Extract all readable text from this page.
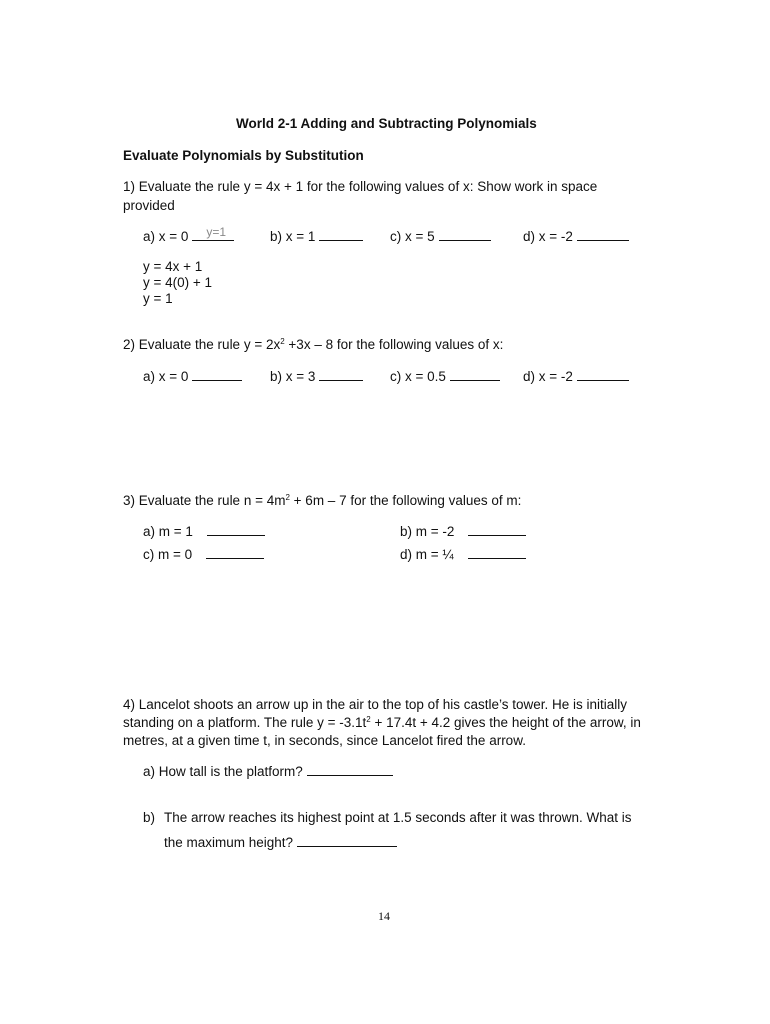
World 2-1 Adding and Subtracting Polynomials
Evaluate Polynomials by Substitution
1) Evaluate the rule y = 4x + 1 for the following values of x: Show work in space
provided
a) x = 0 y=1	b) x = 1	c) x = 5	d) x = -2
y = 4x + 1
y = 4(0) + 1
y = 1
2) Evaluate the rule $y = 2x^2 +3x - 8$ for the following values of x:
a) x = 0	b) x = 3	c) x = 0.5	d) x = -2
3) Evaluate the rule $n = 4m^2 + 6m - 7$ for the following values of m:
a) m = 1	b) m = -2
c) m = 0	d) m = ¼
4) Lancelot shoots an arrow up in the air to the top of his castle’s tower. He is initially
standing on a platform. The rule $y = -3.1t^2 + 17.4t + 4.2$ gives the height of the arrow, in
metres, at a given time t, in seconds, since Lancelot fired the arrow.
a) How tall is the platform?
b) The arrow reaches its highest point at 1.5 seconds after it was thrown. What is
the maximum height?
14
